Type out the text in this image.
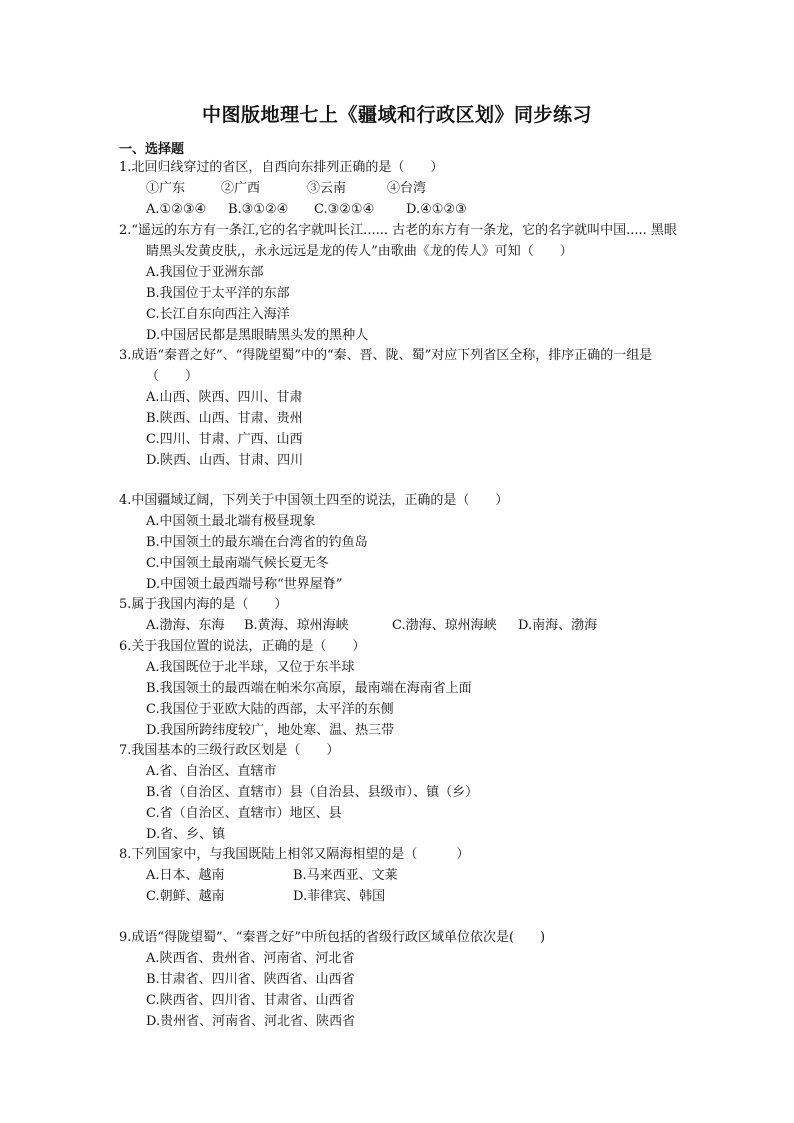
中图版地理七上《疆域和行政区划》同步练习
一、选择题
1.北回归线穿过的省区，自西向东排列正确的是（　　）
①广东	②广西	③云南	④台湾
A.①②③④ B.③①②④ C.③②①④ D.④①②③
2.“遥远的东方有一条江,它的名字就叫长江...... 古老的东方有一条龙，它的名字就叫中国..... 黑眼睛黑头发黄皮肤,，永永远远是龙的传人”由歌曲《龙的传人》可知（　　）
A.我国位于亚洲东部
B.我国位于太平洋的东部
C.长江自东向西注入海洋
D.中国居民都是黑眼睛黑头发的黑种人
3.成语“秦晋之好”、“得陇望蜀”中的“秦、晋、陇、蜀”对应下列省区全称，排序正确的一组是（　　）
A.山西、陕西、四川、甘肃
B.陕西、山西、甘肃、贵州
C.四川、甘肃、广西、山西
D.陕西、山西、甘肃、四川
4.中国疆域辽阔，下列关于中国领土四至的说法，正确的是（　　）
A.中国领土最北端有极昼现象
B.中国领土的最东端在台湾省的钓鱼岛
C.中国领土最南端气候长夏无冬
D.中国领土最西端号称“世界屋脊”
5.属于我国内海的是（　　）
A.渤海、东海 B.黄海、琼州海峡	C.渤海、琼州海峡 D.南海、渤海
6.关于我国位置的说法，正确的是（　　）
A.我国既位于北半球，又位于东半球
B.我国领土的最西端在帕米尔高原，最南端在海南省上面
C.我国位于亚欧大陆的西部，太平洋的东侧
D.我国所跨纬度较广，地处寒、温、热三带
7.我国基本的三级行政区划是（　　）
A.省、自治区、直辖市
B.省（自治区、直辖市）县（自治县、县级市）、镇（乡）
C.省（自治区、直辖市）地区、县
D.省、乡、镇
8.下列国家中，与我国既陆上相邻又隔海相望的是（　　　）
A.日本、越南	B.马来西亚、文莱
C.朝鲜、越南	D.菲律宾、韩国
9.成语“得陇望蜀”、“秦晋之好”中所包括的省级行政区域单位依次是(　　)
A.陕西省、贵州省、河南省、河北省
B.甘肃省、四川省、陕西省、山西省
C.陕西省、四川省、甘肃省、山西省
D.贵州省、河南省、河北省、陕西省
